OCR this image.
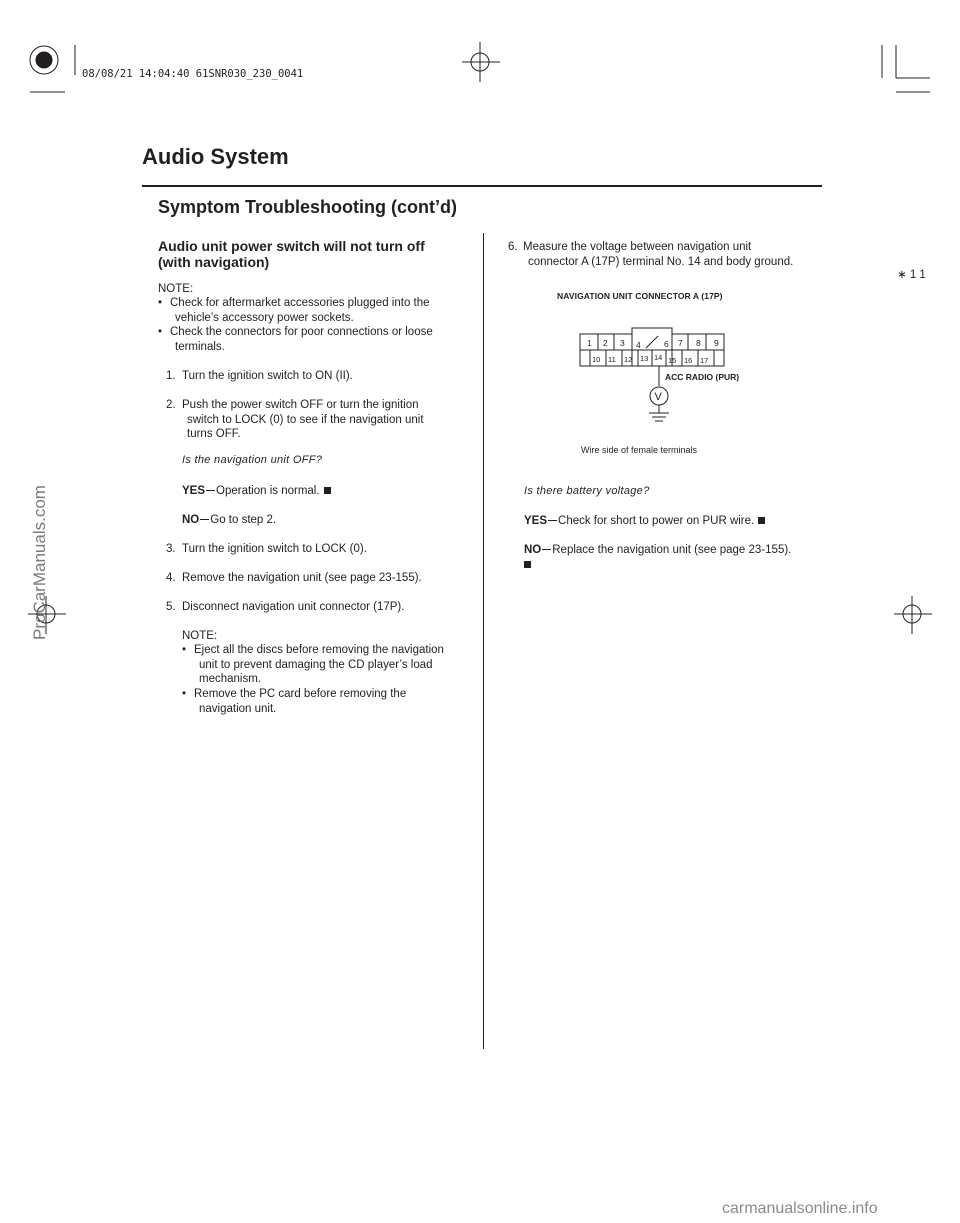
08/08/21 14:04:40 61SNR030_230_0041
Audio System
Symptom Troubleshooting (cont’d)
∗ 1 1
Audio unit power switch will not turn off
(with navigation)
NOTE:
• Check for aftermarket accessories plugged into the
vehicle’s accessory power sockets.
• Check the connectors for poor connections or loose
terminals.
1. Turn the ignition switch to ON (II).
2. Push the power switch OFF or turn the ignition
switch to LOCK (0) to see if the navigation unit
turns OFF.
Is the navigation unit OFF?
YES Operation is normal.
NO Go to step 2.
3. Turn the ignition switch to LOCK (0).
4. Remove the navigation unit (see page 23-155).
5. Disconnect navigation unit connector (17P).
NOTE:
• Eject all the discs before removing the navigation
unit to prevent damaging the CD player’s load
mechanism.
• Remove the PC card before removing the
navigation unit.
6. Measure the voltage between navigation unit
connector A (17P) terminal No. 14 and body ground.
NAVIGATION UNIT CONNECTOR A (17P)
1 2 3 4	6 7 8 9
10 11 12 13 14 15 16 17
V
ACC RADIO (PUR)
Wire side of female terminals
Is there battery voltage?
YES Check for short to power on PUR wire.
NO Replace the navigation unit (see page 23-155).
ProCarManuals.com
carmanualsonline.info
